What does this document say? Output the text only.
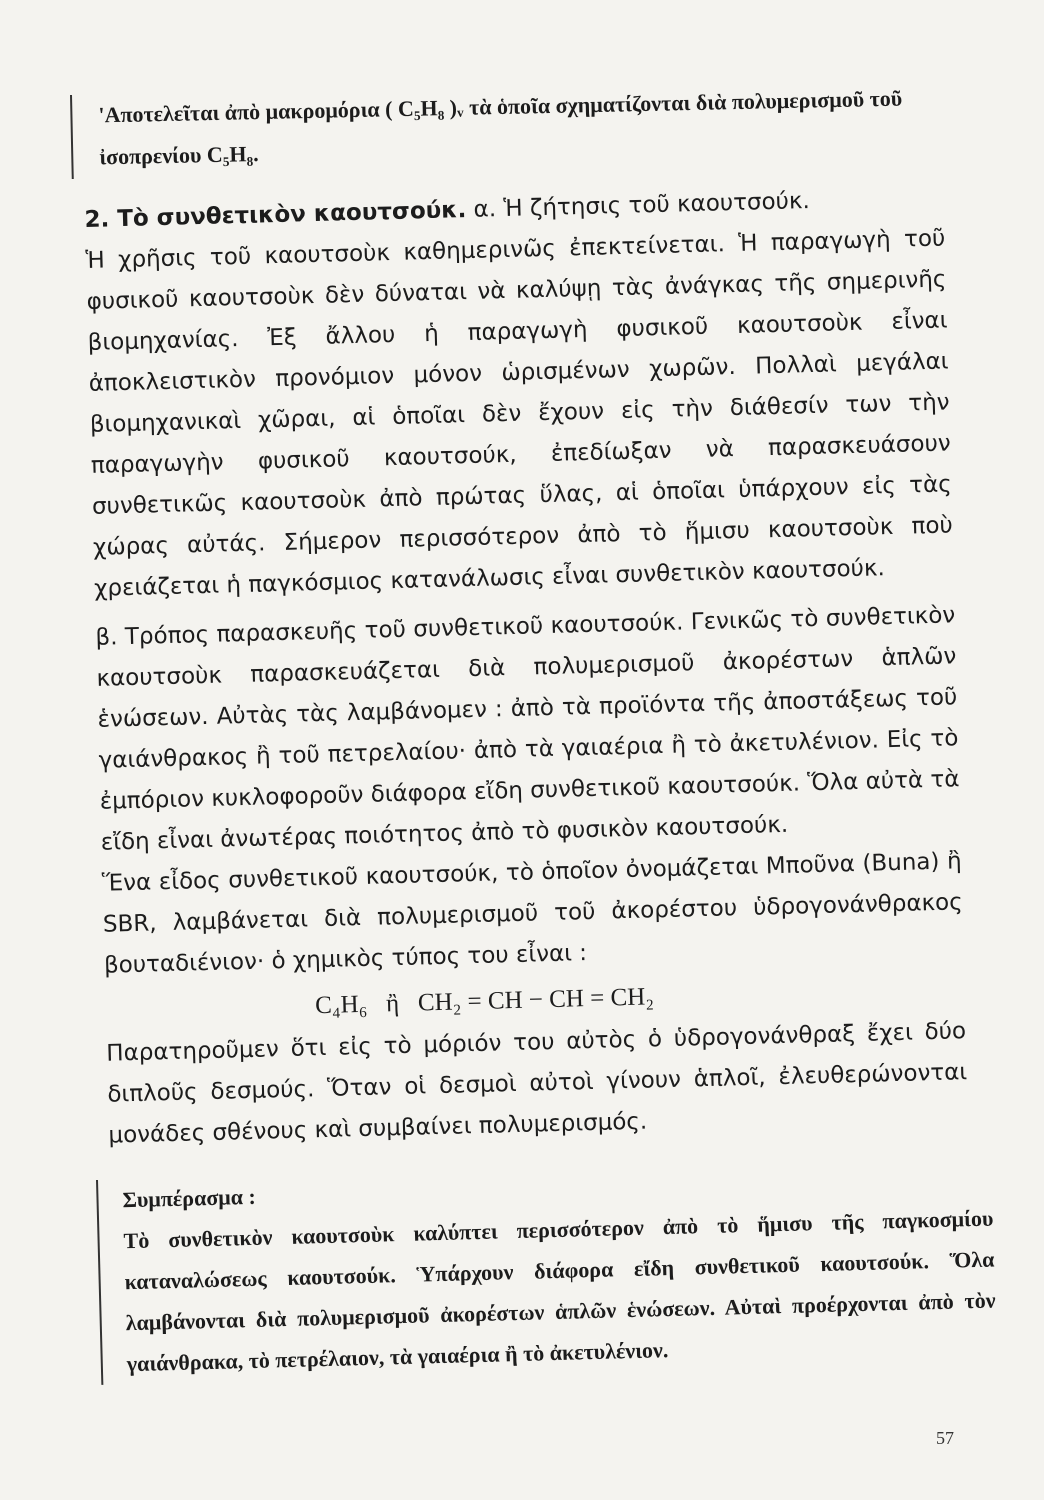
'Αποτελεῖται ἀπὸ μακρομόρια ( C₅H₈ )ᵥ τὰ ὁποῖα σχηματίζονται διὰ πολυμερισμοῦ τοῦ ἰσοπρενίου C₅H₈.

2. Τὸ συνθετικὸν καουτσούκ. α. Ἡ ζήτησις τοῦ καουτσούκ.

Ἡ χρῆσις τοῦ καουτσοὺκ καθημερινῶς ἐπεκτείνεται. Ἡ παραγωγὴ τοῦ φυσικοῦ καουτσοὺκ δὲν δύναται νὰ καλύψῃ τὰς ἀνάγκας τῆς σημερινῆς βιομηχανίας. Ἐξ ἄλλου ἡ παραγωγὴ φυσικοῦ καουτσοὺκ εἶναι ἀποκλειστικὸν προνόμιον μόνον ὡρισμένων χωρῶν. Πολλαὶ μεγάλαι βιομηχανικαὶ χῶραι, αἱ ὁποῖαι δὲν ἔχουν εἰς τὴν διάθεσίν των τὴν παραγωγὴν φυσικοῦ καουτσούκ, ἐπεδίωξαν νὰ παρασκευάσουν συνθετικῶς καουτσοὺκ ἀπὸ πρώτας ὕλας, αἱ ὁποῖαι ὑπάρχουν εἰς τὰς χώρας αὐτάς. Σήμερον περισσότερον ἀπὸ τὸ ἥμισυ καουτσοὺκ ποὺ χρειάζεται ἡ παγκόσμιος κατανάλωσις εἶναι συνθετικὸν καουτσούκ.

β. Τρόπος παρασκευῆς τοῦ συνθετικοῦ καουτσούκ. Γενικῶς τὸ συνθετικὸν καουτσοὺκ παρασκευάζεται διὰ πολυμερισμοῦ ἀκορέστων ἁπλῶν ἑνώσεων. Αὐτὰς τὰς λαμβάνομεν : ἀπὸ τὰ προϊόντα τῆς ἀποστάξεως τοῦ γαιάνθρακος ἢ τοῦ πετρελαίου· ἀπὸ τὰ γαιαέρια ἢ τὸ ἀκετυλένιον. Εἰς τὸ ἐμπόριον κυκλοφοροῦν διάφορα εἴδη συνθετικοῦ καουτσούκ. Ὅλα αὐτὰ τὰ εἴδη εἶναι ἀνωτέρας ποιότητος ἀπὸ τὸ φυσικὸν καουτσούκ.

Ἕνα εἶδος συνθετικοῦ καουτσούκ, τὸ ὁποῖον ὀνομάζεται Μποῦνα (Buna) ἢ SBR, λαμβάνεται διὰ πολυμερισμοῦ τοῦ ἀκορέστου ὑδρογονάνθρακος βουταδιένιον· ὁ χημικὸς τύπος του εἶναι :

C₄H₆   ἢ   CH₂ = CH − CH = CH₂

Παρατηροῦμεν ὅτι εἰς τὸ μόριόν του αὐτὸς ὁ ὑδρογονάνθραξ ἔχει δύο διπλοῦς δεσμούς. Ὅταν οἱ δεσμοὶ αὐτοὶ γίνουν ἁπλοῖ, ἐλευθερώνονται μονάδες σθένους καὶ συμβαίνει πολυμερισμός.

Συμπέρασμα :

Τὸ συνθετικὸν καουτσοὺκ καλύπτει περισσότερον ἀπὸ τὸ ἥμισυ τῆς παγκοσμίου καταναλώσεως καουτσούκ. Ὑπάρχουν διάφορα εἴδη συνθετικοῦ καουτσούκ. Ὅλα λαμβάνονται διὰ πολυμερισμοῦ ἀκορέστων ἁπλῶν ἑνώσεων. Αὐταὶ προέρχονται ἀπὸ τὸν γαιάνθρακα, τὸ πετρέλαιον, τὰ γαιαέρια ἢ τὸ ἀκετυλένιον.

57
